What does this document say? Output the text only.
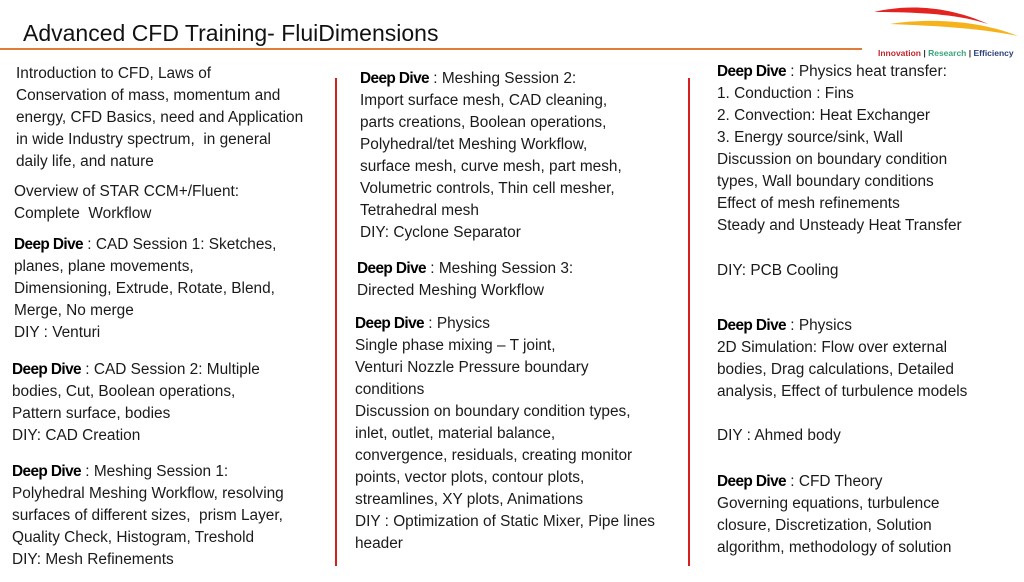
Advanced CFD Training- FluiDimensions
Innovation | Research | Efficiency
Introduction to CFD, Laws of
Conservation of mass, momentum and
energy, CFD Basics, need and Application
in wide Industry spectrum,  in general
daily life, and nature
Overview of STAR CCM+/Fluent:
Complete  Workflow
Deep Dive : CAD Session 1: Sketches,
planes, plane movements,
Dimensioning, Extrude, Rotate, Blend,
Merge, No merge
DIY : Venturi
Deep Dive : CAD Session 2: Multiple
bodies, Cut, Boolean operations,
Pattern surface, bodies
DIY: CAD Creation
Deep Dive : Meshing Session 1:
Polyhedral Meshing Workflow, resolving
surfaces of different sizes,  prism Layer,
Quality Check, Histogram, Treshold
DIY: Mesh Refinements
Deep Dive : Meshing Session 2:
Import surface mesh, CAD cleaning,
parts creations, Boolean operations,
Polyhedral/tet Meshing Workflow,
surface mesh, curve mesh, part mesh,
Volumetric controls, Thin cell mesher,
Tetrahedral mesh
DIY: Cyclone Separator
Deep Dive : Meshing Session 3:
Directed Meshing Workflow
Deep Dive : Physics
Single phase mixing – T joint,
Venturi Nozzle Pressure boundary
conditions
Discussion on boundary condition types,
inlet, outlet, material balance,
convergence, residuals, creating monitor
points, vector plots, contour plots,
streamlines, XY plots, Animations
DIY : Optimization of Static Mixer, Pipe lines
header
Deep Dive : Physics heat transfer:
1. Conduction : Fins
2. Convection: Heat Exchanger
3. Energy source/sink, Wall
Discussion on boundary condition
types, Wall boundary conditions
Effect of mesh refinements
Steady and Unsteady Heat Transfer
DIY: PCB Cooling
Deep Dive : Physics
2D Simulation: Flow over external
bodies, Drag calculations, Detailed
analysis, Effect of turbulence models
DIY : Ahmed body
Deep Dive : CFD Theory
Governing equations, turbulence
closure, Discretization, Solution
algorithm, methodology of solution
